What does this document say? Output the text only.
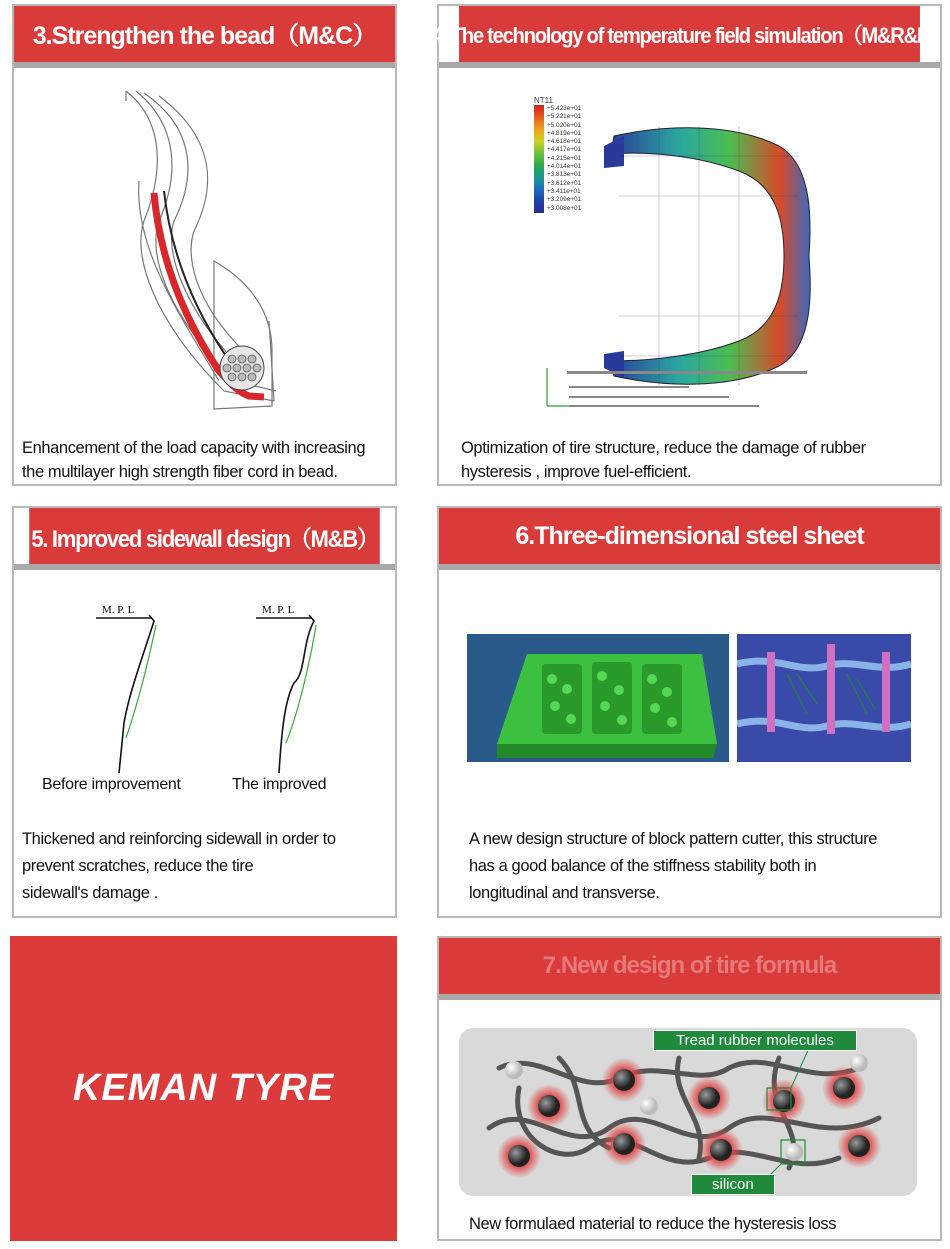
3.Strengthen the bead（M&C）
Enhancement of the load capacity with increasing
the multilayer high strength fiber cord in bead.
4. The technology of temperature field simulation（M&R&L）
NT11
+5.423e+01
+5.221e+01
+5.020e+01
+4.819e+01
+4.618e+01
+4.417e+01
+4.215e+01
+4.014e+01
+3.813e+01
+3.612e+01
+3.411e+01
+3.209e+01
+3.008e+01
Optimization of tire structure, reduce the damage of rubber
hysteresis , improve fuel-efficient.
5. Improved sidewall design（M&B）
M. P. L	M. P. L
Before improvement	The improved
Thickened and reinforcing sidewall in order to
prevent scratches, reduce the tire
sidewall's damage .
6.Three-dimensional steel sheet
A new design structure of block pattern cutter, this structure
has a good balance of the stiffness stability both in
longitudinal and transverse.
KEMAN TYRE
7.New design of tire formula
Tread rubber molecules
silicon
New formulaed material to reduce the hysteresis loss
